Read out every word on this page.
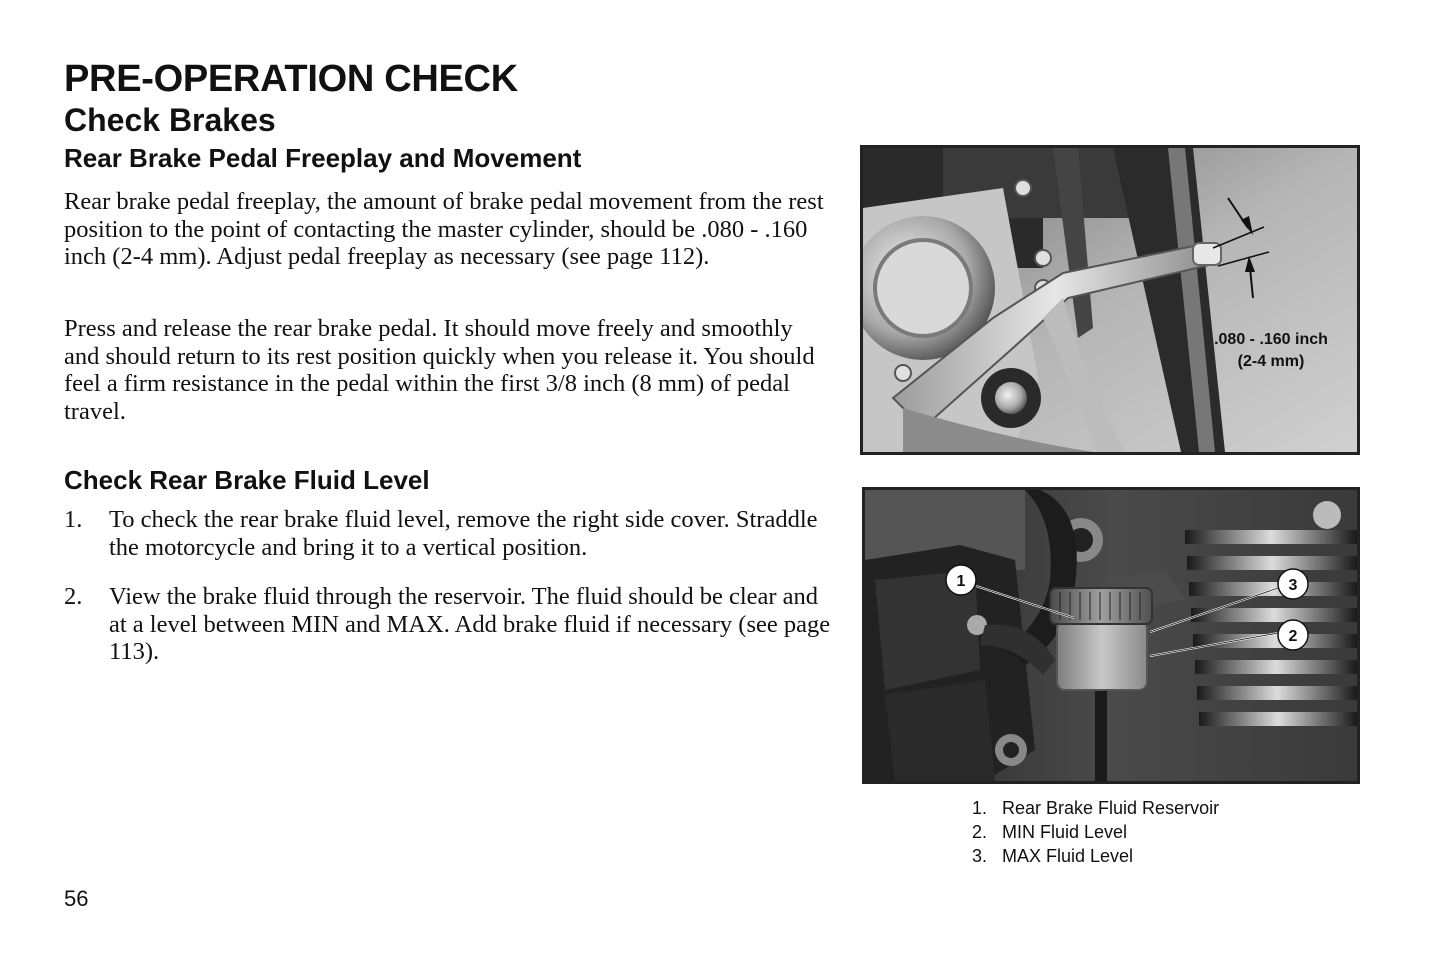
PRE-OPERATION CHECK
Check Brakes
Rear Brake Pedal Freeplay and Movement

Rear brake pedal freeplay, the amount of brake pedal movement from the rest position to the point of contacting the master cylinder, should be .080 - .160 inch (2-4 mm). Adjust pedal freeplay as necessary (see page 112).

Press and release the rear brake pedal. It should move freely and smoothly and should return to its rest position quickly when you release it. You should feel a firm resistance in the pedal within the first 3/8 inch (8 mm) of pedal travel.

Check Rear Brake Fluid Level
1. To check the rear brake fluid level, remove the right side cover. Straddle the motorcycle and bring it to a vertical position.
2. View the brake fluid through the reservoir. The fluid should be clear and at a level between MIN and MAX. Add brake fluid if necessary (see page 113).
.080 - .160 inch
(2-4 mm)
1
2
3
1. Rear Brake Fluid Reservoir
2. MIN Fluid Level
3. MAX Fluid Level
56
